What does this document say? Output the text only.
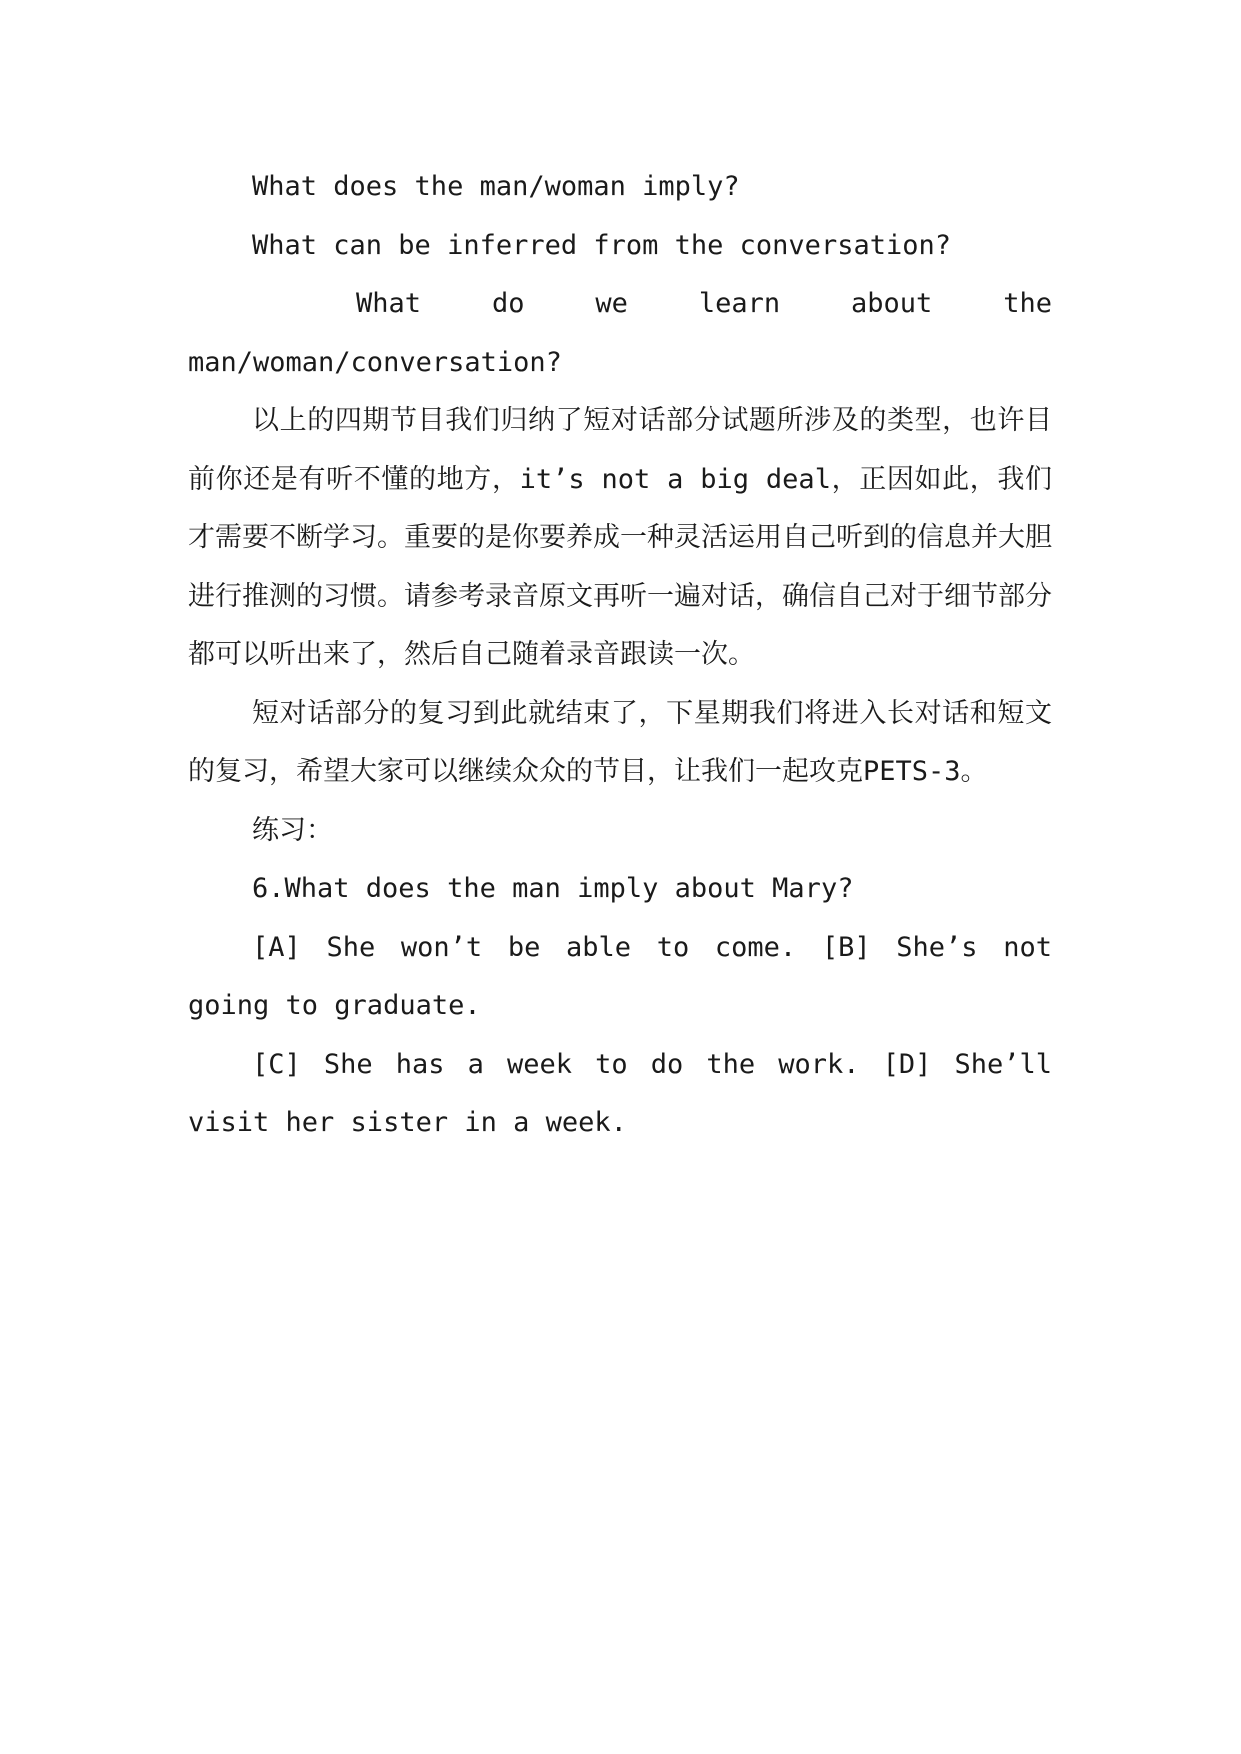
What does the man/woman imply?

What can be inferred from the conversation?

What do we learn about the man/woman/conversation?

以上的四期节目我们归纳了短对话部分试题所涉及的类型，也许目前你还是有听不懂的地方，it’s not a big deal，正因如此，我们才需要不断学习。重要的是你要养成一种灵活运用自己听到的信息并大胆进行推测的习惯。请参考录音原文再听一遍对话，确信自己对于细节部分都可以听出来了，然后自己随着录音跟读一次。

短对话部分的复习到此就结束了，下星期我们将进入长对话和短文的复习，希望大家可以继续众众的节目，让我们一起攻克PETS-3。

练习：

6.What does the man imply about Mary?

[A] She won’t be able to come. [B] She’s not going to graduate.

[C] She has a week to do the work. [D] She’ll visit her sister in a week.
